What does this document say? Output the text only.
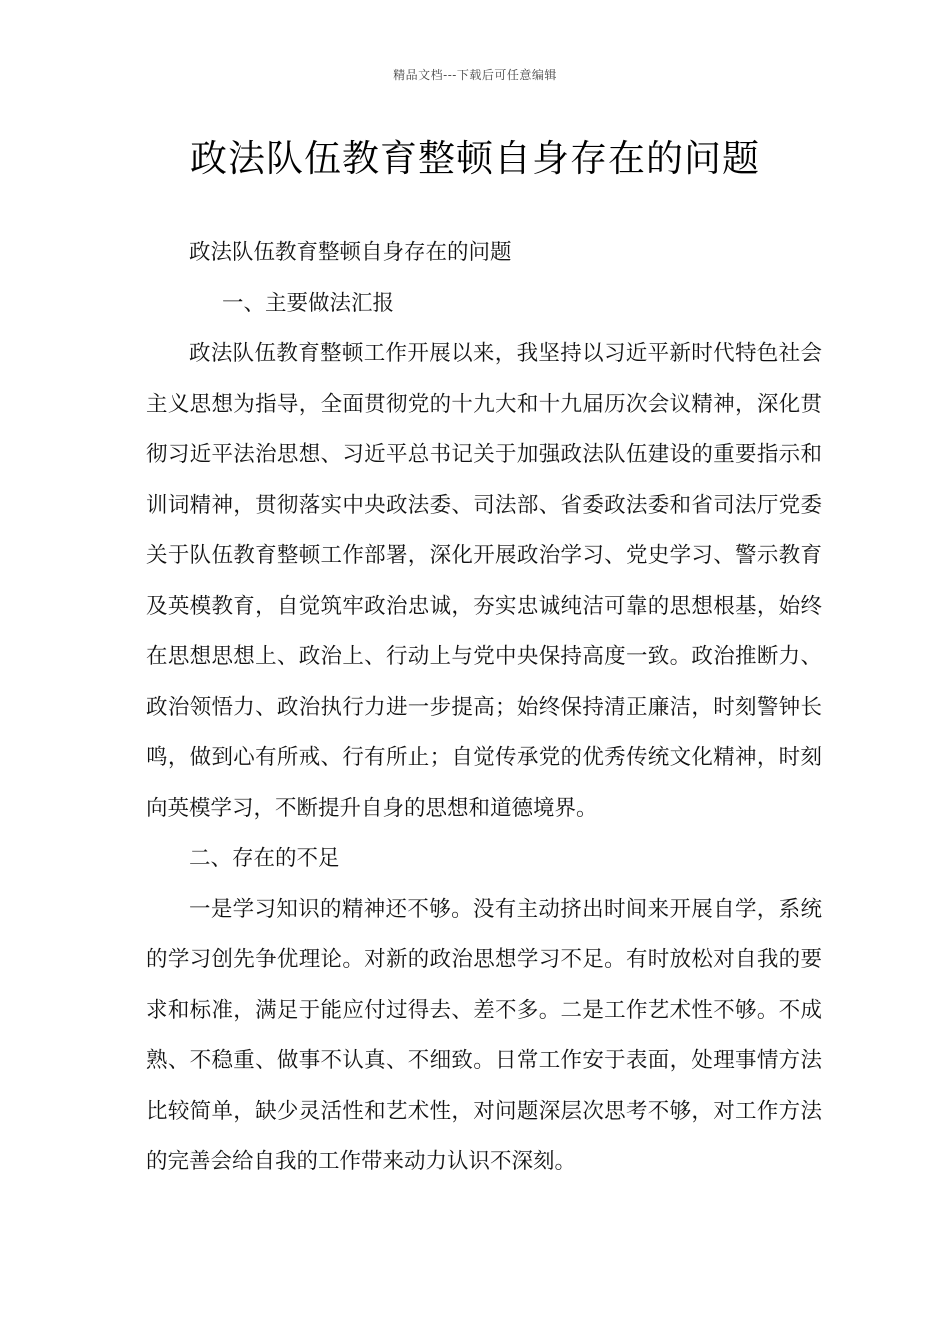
精品文档---下载后可任意编辑
政法队伍教育整顿自身存在的问题

政法队伍教育整顿自身存在的问题

一、主要做法汇报

政法队伍教育整顿工作开展以来，我坚持以习近平新时代特色社会主义思想为指导，全面贯彻党的十九大和十九届历次会议精神，深化贯彻习近平法治思想、习近平总书记关于加强政法队伍建设的重要指示和训词精神，贯彻落实中央政法委、司法部、省委政法委和省司法厅党委关于队伍教育整顿工作部署，深化开展政治学习、党史学习、警示教育及英模教育，自觉筑牢政治忠诚，夯实忠诚纯洁可靠的思想根基，始终在思想思想上、政治上、行动上与党中央保持高度一致。政治推断力、政治领悟力、政治执行力进一步提高；始终保持清正廉洁，时刻警钟长鸣，做到心有所戒、行有所止；自觉传承党的优秀传统文化精神，时刻向英模学习，不断提升自身的思想和道德境界。

二、存在的不足

一是学习知识的精神还不够。没有主动挤出时间来开展自学，系统的学习创先争优理论。对新的政治思想学习不足。有时放松对自我的要求和标准，满足于能应付过得去、差不多。二是工作艺术性不够。不成熟、不稳重、做事不认真、不细致。日常工作安于表面，处理事情方法比较简单，缺少灵活性和艺术性，对问题深层次思考不够，对工作方法的完善会给自我的工作带来动力认识不深刻。
